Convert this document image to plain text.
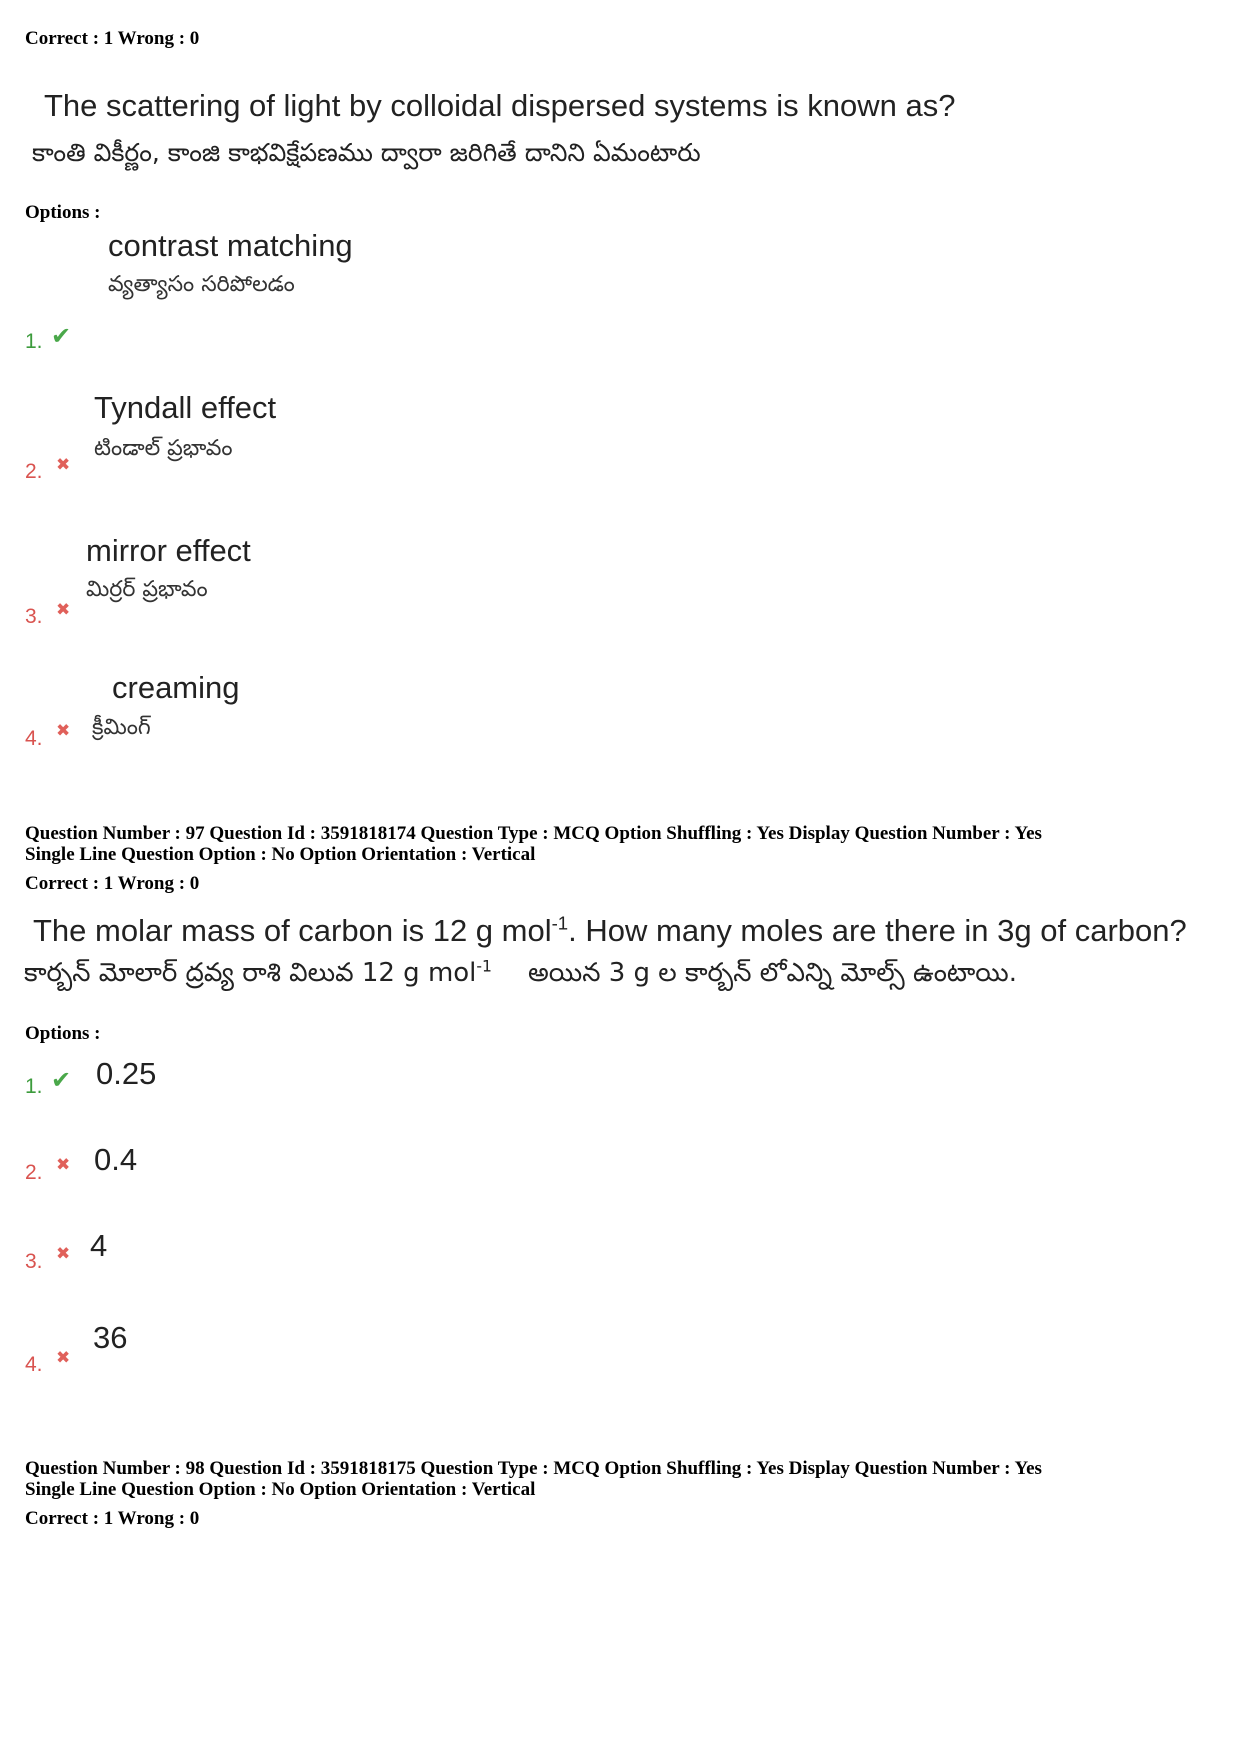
Correct : 1 Wrong : 0
The scattering of light by colloidal dispersed systems is known as?
కాంతి వికీర్ణం, కాంజి కాభవిక్షేపణము ద్వారా జరిగితే దానిని ఏమంటారు
Options :
contrast matching
వ్యత్యాసం సరిపోలడం
1. ✔
Tyndall effect
టిండాల్ ప్రభావం
2. ✖
mirror effect
మిర్రర్ ప్రభావం
3. ✖
creaming
4. ✖ క్రీమింగ్
Question Number : 97 Question Id : 3591818174 Question Type : MCQ Option Shuffling : Yes Display Question Number : Yes
Single Line Question Option : No Option Orientation : Vertical
Correct : 1 Wrong : 0
The molar mass of carbon is 12 g mol$^{-1}$. How many moles are there in 3g of carbon?
కార్బన్ మోలార్ ద్రవ్య రాశి విలువ 12 g mol$^{-1}$ అయిన 3 g ల కార్బన్ లోఎన్ని మోల్స్ ఉంటాయి.
Options :
1. ✔ 0.25
2. ✖ 0.4
3. ✖ 4
4. ✖
36
Question Number : 98 Question Id : 3591818175 Question Type : MCQ Option Shuffling : Yes Display Question Number : Yes
Single Line Question Option : No Option Orientation : Vertical
Correct : 1 Wrong : 0
